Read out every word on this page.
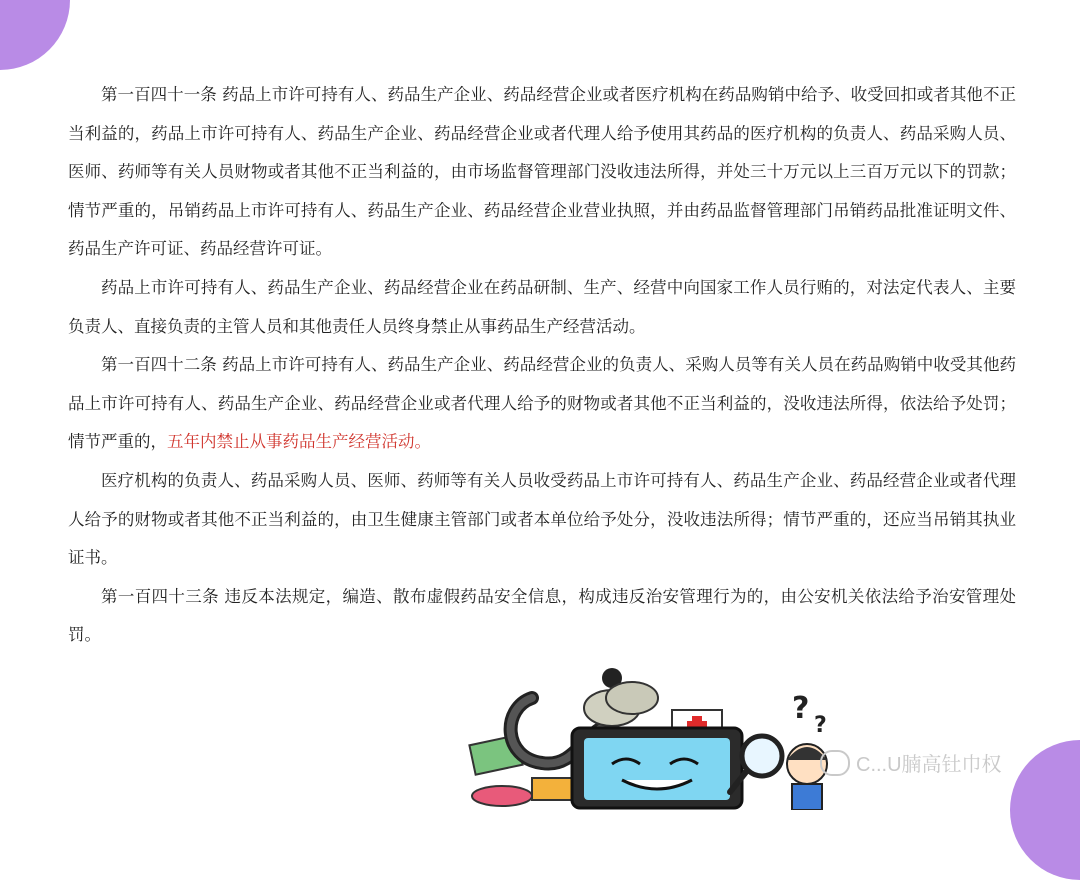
第一百四十一条 药品上市许可持有人、药品生产企业、药品经营企业或者医疗机构在药品购销中给予、收受回扣或者其他不正当利益的，药品上市许可持有人、药品生产企业、药品经营企业或者代理人给予使用其药品的医疗机构的负责人、药品采购人员、医师、药师等有关人员财物或者其他不正当利益的，由市场监督管理部门没收违法所得，并处三十万元以上三百万元以下的罚款；情节严重的，吊销药品上市许可持有人、药品生产企业、药品经营企业营业执照，并由药品监督管理部门吊销药品批准证明文件、药品生产许可证、药品经营许可证。

药品上市许可持有人、药品生产企业、药品经营企业在药品研制、生产、经营中向国家工作人员行贿的，对法定代表人、主要负责人、直接负责的主管人员和其他责任人员终身禁止从事药品生产经营活动。

第一百四十二条 药品上市许可持有人、药品生产企业、药品经营企业的负责人、采购人员等有关人员在药品购销中收受其他药品上市许可持有人、药品生产企业、药品经营企业或者代理人给予的财物或者其他不正当利益的，没收违法所得，依法给予处罚；情节严重的，五年内禁止从事药品生产经营活动。

医疗机构的负责人、药品采购人员、医师、药师等有关人员收受药品上市许可持有人、药品生产企业、药品经营企业或者代理人给予的财物或者其他不正当利益的，由卫生健康主管部门或者本单位给予处分，没收违法所得；情节严重的，还应当吊销其执业证书。

第一百四十三条 违反本法规定，编造、散布虚假药品安全信息，构成违反治安管理行为的，由公安机关依法给予治安管理处罚。

? ?
C...U腩高钍巾权
